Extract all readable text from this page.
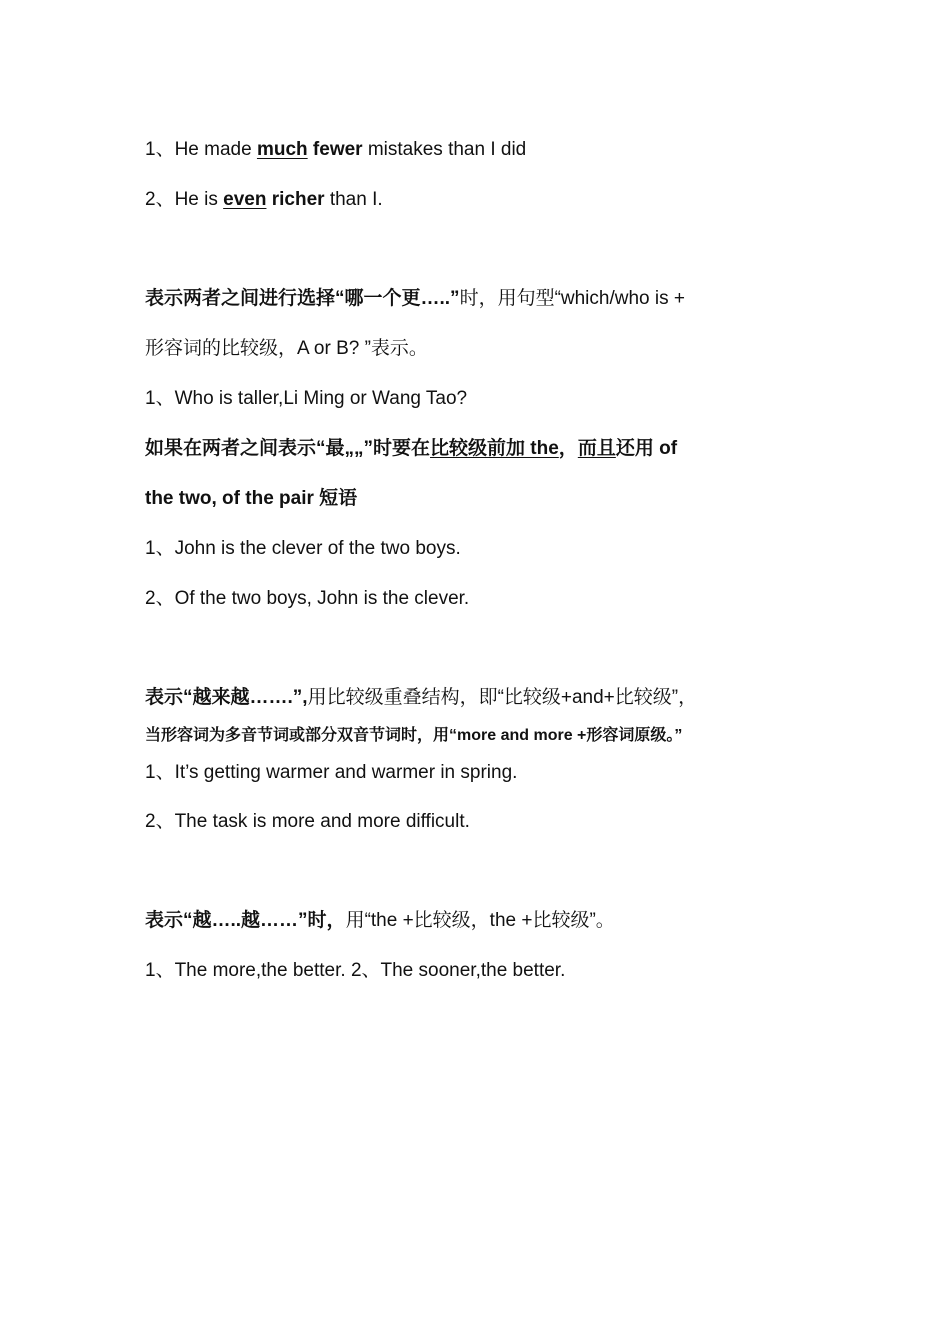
1、He made much fewer mistakes than I did
2、He is even richer than I.
表示两者之间进行选择“哪一个更…..”时，用句型“which/who is +
形容词的比较级，A or B? ”表示。
1、Who is taller,Li Ming or Wang Tao?
如果在两者之间表示“最„„”时要在比较级前加 the，而且还用 of
the two, of the pair 短语
1、John is the clever of the two boys.
2、Of the two boys, John is the clever.
表示“越来越…….”,用比较级重叠结构，即“比较级+and+比较级”，
当形容词为多音节词或部分双音节词时，用“more and more +形容词原级。”
1、It’s getting warmer and warmer in spring.
2、The task is more and more difficult.
表示“越…..越……”时，用“the +比较级，the +比较级”。
1、The more,the better. 2、The sooner,the better.
